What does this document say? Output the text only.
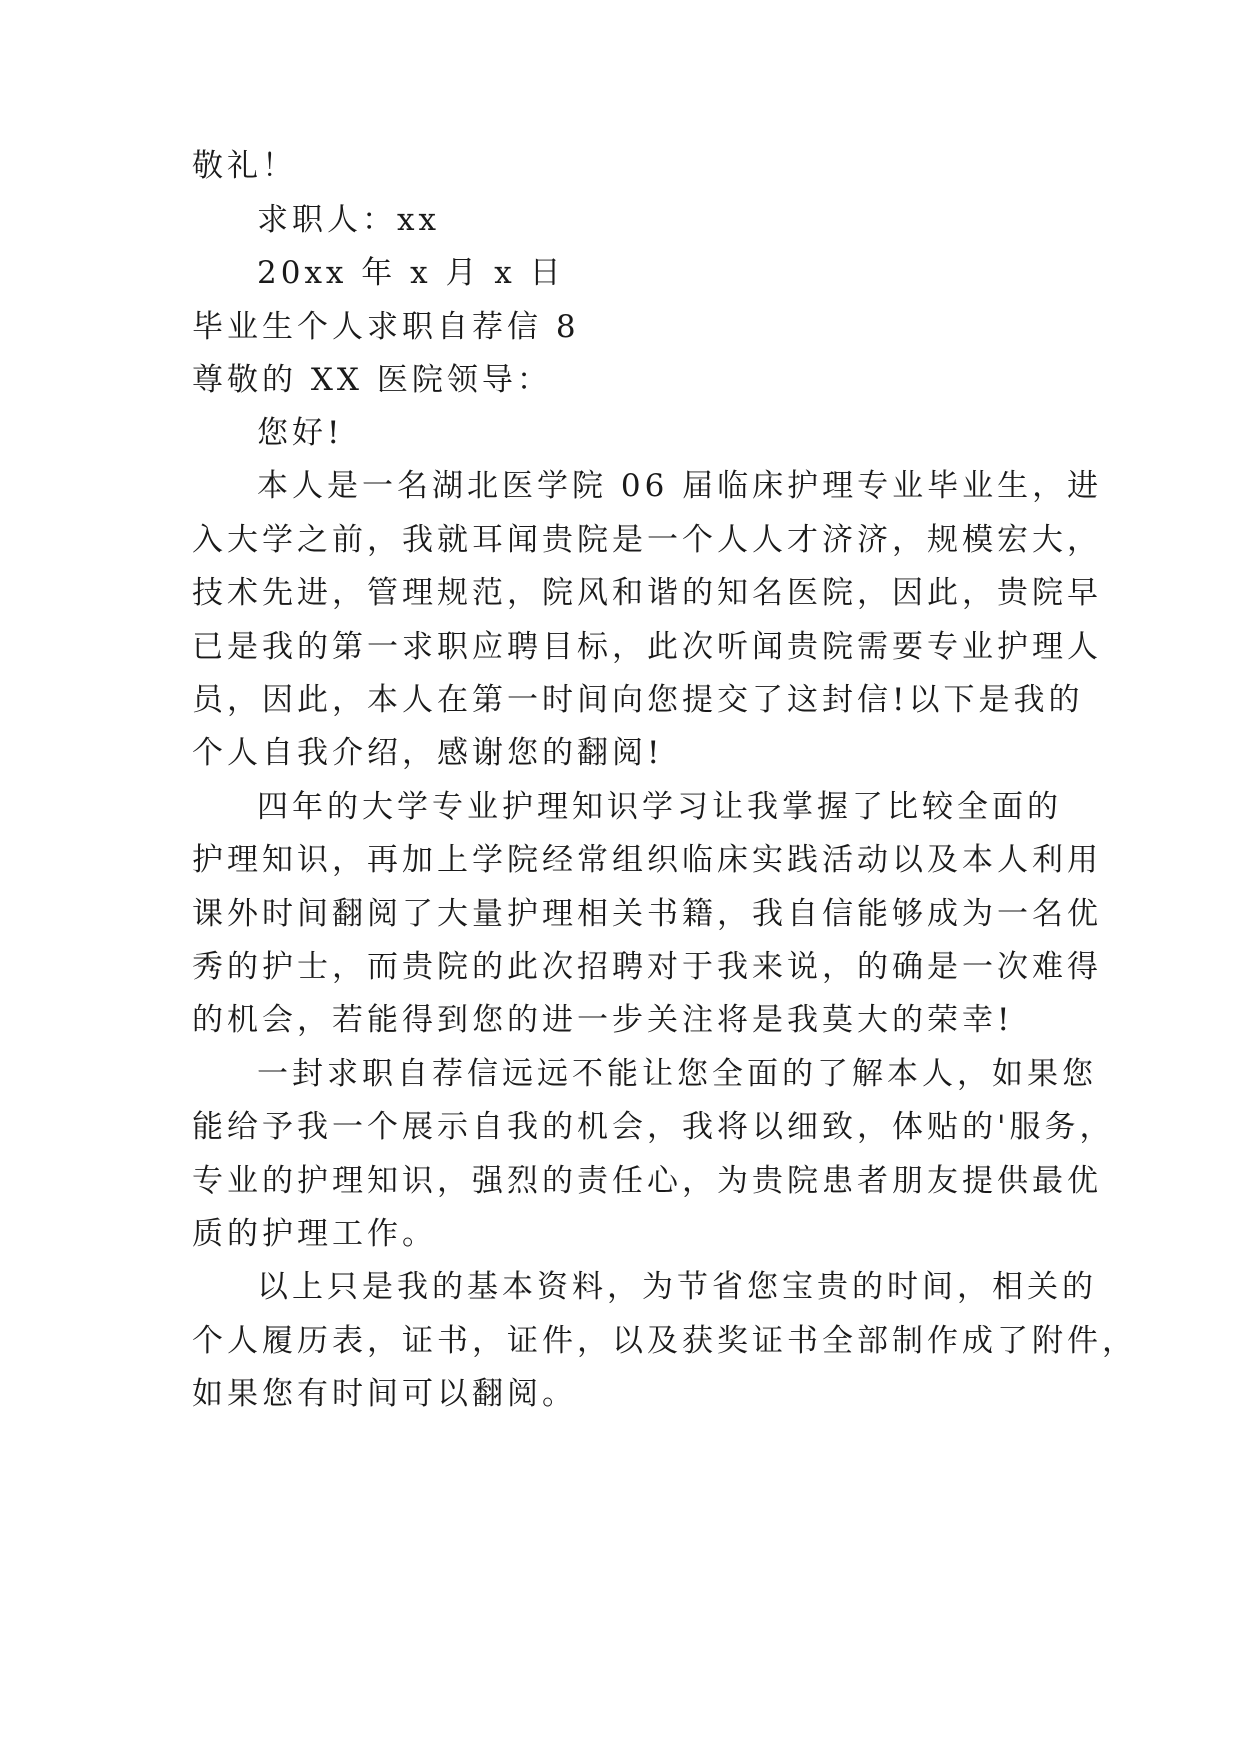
敬礼！
求职人：xx
20xx 年 x 月 x 日
毕业生个人求职自荐信 8
尊敬的 XX 医院领导：
您好!
本人是一名湖北医学院 06 届临床护理专业毕业生，进
入大学之前，我就耳闻贵院是一个人人才济济，规模宏大，
技术先进，管理规范，院风和谐的知名医院，因此，贵院早
已是我的第一求职应聘目标，此次听闻贵院需要专业护理人
员，因此，本人在第一时间向您提交了这封信!以下是我的
个人自我介绍，感谢您的翻阅!
四年的大学专业护理知识学习让我掌握了比较全面的
护理知识，再加上学院经常组织临床实践活动以及本人利用
课外时间翻阅了大量护理相关书籍，我自信能够成为一名优
秀的护士，而贵院的此次招聘对于我来说，的确是一次难得
的机会，若能得到您的进一步关注将是我莫大的荣幸!
一封求职自荐信远远不能让您全面的了解本人，如果您
能给予我一个展示自我的机会，我将以细致，体贴的'服务，
专业的护理知识，强烈的责任心，为贵院患者朋友提供最优
质的护理工作。
以上只是我的基本资料，为节省您宝贵的时间，相关的
个人履历表，证书，证件，以及获奖证书全部制作成了附件，
如果您有时间可以翻阅。
